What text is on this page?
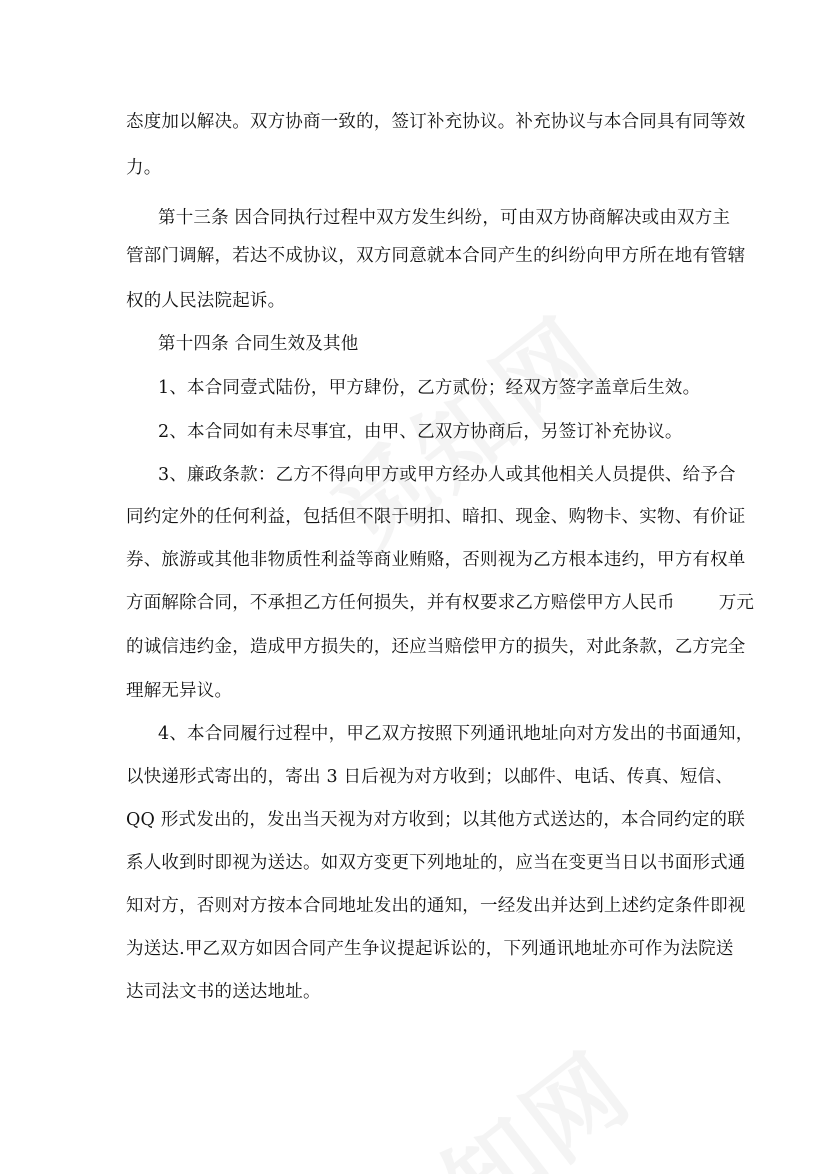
态度加以解决。双方协商一致的，签订补充协议。补充协议与本合同具有同等效

力。

第十三条 因合同执行过程中双方发生纠纷，可由双方协商解决或由双方主

管部门调解，若达不成协议，双方同意就本合同产生的纠纷向甲方所在地有管辖

权的人民法院起诉。

第十四条 合同生效及其他

1、本合同壹式陆份，甲方肆份，乙方贰份；经双方签字盖章后生效。

2、本合同如有未尽事宜，由甲、乙双方协商后，另签订补充协议。

3、廉政条款：乙方不得向甲方或甲方经办人或其他相关人员提供、给予合

同约定外的任何利益，包括但不限于明扣、暗扣、现金、购物卡、实物、有价证

券、旅游或其他非物质性利益等商业贿赂，否则视为乙方根本违约，甲方有权单

方面解除合同，不承担乙方任何损失，并有权要求乙方赔偿甲方人民币	万元

的诚信违约金，造成甲方损失的，还应当赔偿甲方的损失，对此条款，乙方完全

理解无异议。

4、本合同履行过程中，甲乙双方按照下列通讯地址向对方发出的书面通知，

以快递形式寄出的，寄出 3 日后视为对方收到；以邮件、电话、传真、短信、

QQ 形式发出的，发出当天视为对方收到；以其他方式送达的，本合同约定的联

系人收到时即视为送达。如双方变更下列地址的，应当在变更当日以书面形式通

知对方，否则对方按本合同地址发出的通知，一经发出并达到上述约定条件即视

为送达.甲乙双方如因合同产生争议提起诉讼的，下列通讯地址亦可作为法院送

达司法文书的送达地址。
